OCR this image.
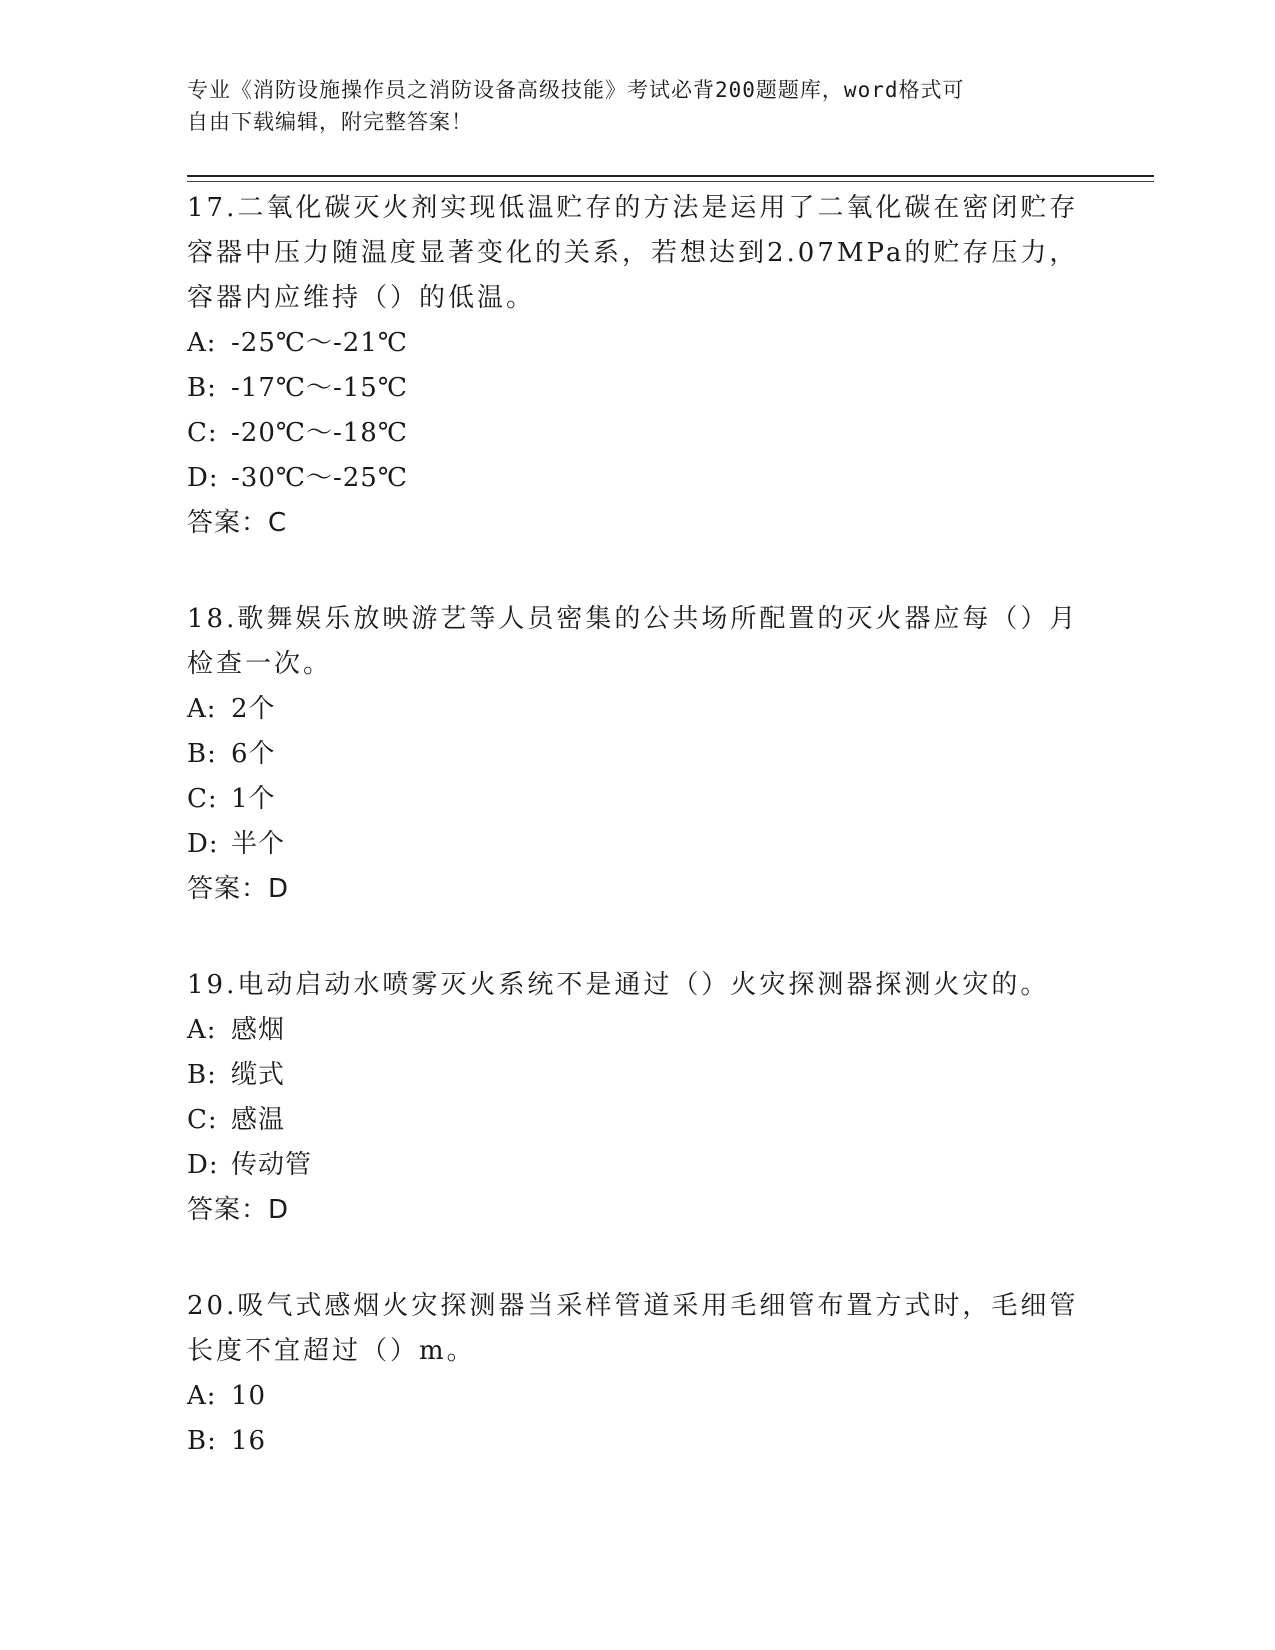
专业《消防设施操作员之消防设备高级技能》考试必背200题题库，word格式可
自由下载编辑，附完整答案！
17.二氧化碳灭火剂实现低温贮存的方法是运用了二氧化碳在密闭贮存
容器中压力随温度显著变化的关系，若想达到2.07MPa的贮存压力，
容器内应维持（）的低温。
A: -25℃～-21℃
B: -17℃～-15℃
C: -20℃～-18℃
D: -30℃～-25℃
答案：C
18.歌舞娱乐放映游艺等人员密集的公共场所配置的灭火器应每（）月
检查一次。
A: 2个
B: 6个
C: 1个
D: 半个
答案：D
19.电动启动水喷雾灭火系统不是通过（）火灾探测器探测火灾的。
A: 感烟
B: 缆式
C: 感温
D: 传动管
答案：D
20.吸气式感烟火灾探测器当采样管道采用毛细管布置方式时，毛细管
长度不宜超过（）m。
A: 10
B: 16
